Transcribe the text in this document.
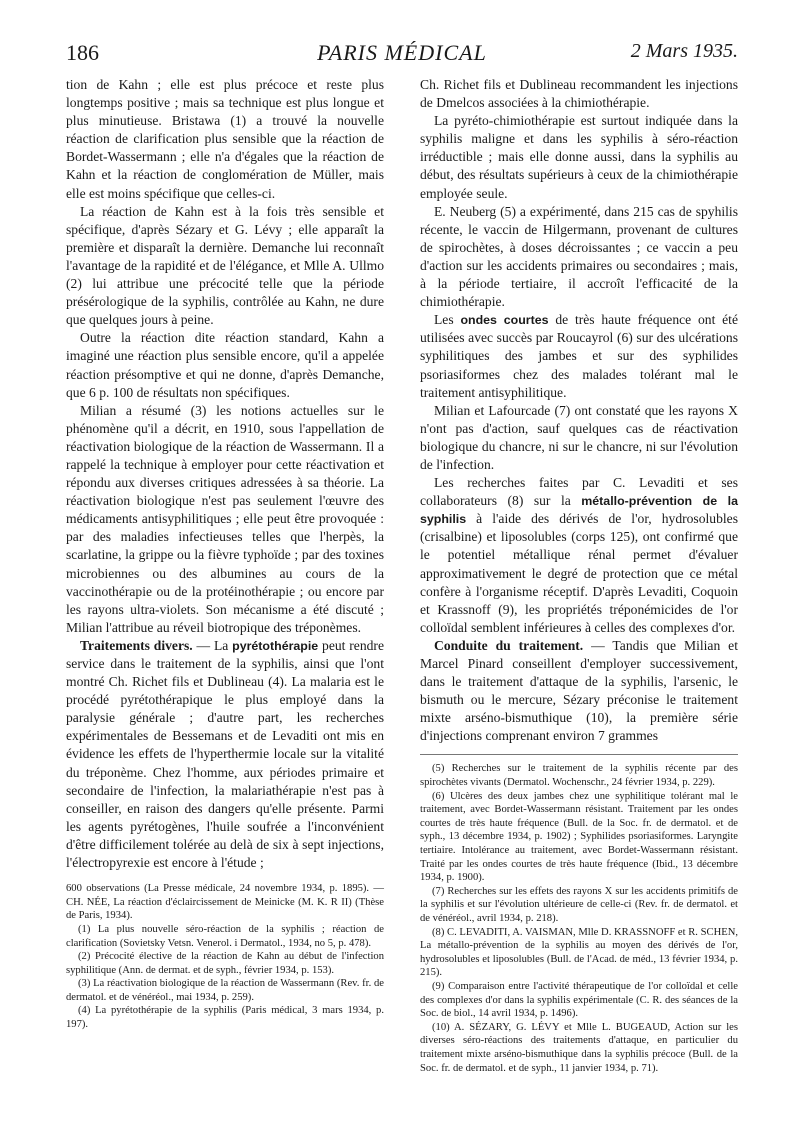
186	PARIS MÉDICAL	2 Mars 1935.

tion de Kahn ; elle est plus précoce et reste plus longtemps positive ; mais sa technique est plus longue et plus minutieuse. Bristawa (1) a trouvé la nouvelle réaction de clarification plus sensible que la réaction de Bordet-Wassermann ; elle n'a d'égales que la réaction de Kahn et la réaction de conglomération de Müller, mais elle est moins spécifique que celles-ci.

La réaction de Kahn est à la fois très sensible et spécifique, d'après Sézary et G. Lévy ; elle apparaît la première et disparaît la dernière. Demanche lui reconnaît l'avantage de la rapidité et de l'élégance, et Mlle A. Ullmo (2) lui attribue une précocité telle que la période présérologique de la syphilis, contrôlée au Kahn, ne dure que quelques jours à peine.

Outre la réaction dite réaction standard, Kahn a imaginé une réaction plus sensible encore, qu'il a appelée réaction présomptive et qui ne donne, d'après Demanche, que 6 p. 100 de résultats non spécifiques.

Milian a résumé (3) les notions actuelles sur le phénomène qu'il a décrit, en 1910, sous l'appellation de réactivation biologique de la réaction de Wassermann. Il a rappelé la technique à employer pour cette réactivation et répondu aux diverses critiques adressées à sa théorie. La réactivation biologique n'est pas seulement l'œuvre des médicaments antisyphilitiques ; elle peut être provoquée : par des maladies infectieuses telles que l'herpès, la scarlatine, la grippe ou la fièvre typhoïde ; par des toxines microbiennes ou des albumines au cours de la vaccinothérapie ou de la protéinothérapie ; ou encore par les rayons ultra-violets. Son mécanisme a été discuté ; Milian l'attribue au réveil biotropique des tréponèmes.

Traitements divers. — La pyrétothérapie peut rendre service dans le traitement de la syphilis, ainsi que l'ont montré Ch. Richet fils et Dublineau (4). La malaria est le procédé pyrétothérapique le plus employé dans la paralysie générale ; d'autre part, les recherches expérimentales de Bessemans et de Levaditi ont mis en évidence les effets de l'hyperthermie locale sur la vitalité du tréponème. Chez l'homme, aux périodes primaire et secondaire de l'infection, la malariathérapie n'est pas à conseiller, en raison des dangers qu'elle présente. Parmi les agents pyrétogènes, l'huile soufrée a l'inconvénient d'être difficilement tolérée au delà de six à sept injections, l'électropyrexie est encore à l'étude ;

600 observations (La Presse médicale, 24 novembre 1934, p. 1895). — CH. NÉE, La réaction d'éclaircissement de Meinicke (M. K. R II) (Thèse de Paris, 1934).

(1) La plus nouvelle séro-réaction de la syphilis ; réaction de clarification (Sovietsky Vetsn. Venerol. i Dermatol., 1934, no 5, p. 478).

(2) Précocité élective de la réaction de Kahn au début de l'infection syphilitique (Ann. de dermat. et de syph., février 1934, p. 153).

(3) La réactivation biologique de la réaction de Wassermann (Rev. fr. de dermatol. et de vénéréol., mai 1934, p. 259).

(4) La pyrétothérapie de la syphilis (Paris médical, 3 mars 1934, p. 197).

Ch. Richet fils et Dublineau recommandent les injections de Dmelcos associées à la chimiothérapie.

La pyréto-chimiothérapie est surtout indiquée dans la syphilis maligne et dans les syphilis à séro-réaction irréductible ; mais elle donne aussi, dans la syphilis au début, des résultats supérieurs à ceux de la chimiothérapie employée seule.

E. Neuberg (5) a expérimenté, dans 215 cas de spyhilis récente, le vaccin de Hilgermann, provenant de cultures de spirochètes, à doses décroissantes ; ce vaccin a peu d'action sur les accidents primaires ou secondaires ; mais, à la période tertiaire, il accroît l'efficacité de la chimiothérapie.

Les ondes courtes de très haute fréquence ont été utilisées avec succès par Roucayrol (6) sur des ulcérations syphilitiques des jambes et sur des syphilides psoriasiformes chez des malades tolérant mal le traitement antisyphilitique.

Milian et Lafourcade (7) ont constaté que les rayons X n'ont pas d'action, sauf quelques cas de réactivation biologique du chancre, ni sur le chancre, ni sur l'évolution de l'infection.

Les recherches faites par C. Levaditi et ses collaborateurs (8) sur la métallo-prévention de la syphilis à l'aide des dérivés de l'or, hydrosolubles (crisalbine) et liposolubles (corps 125), ont confirmé que le potentiel métallique rénal permet d'évaluer approximativement le degré de protection que ce métal confère à l'organisme réceptif. D'après Levaditi, Coquoin et Krassnoff (9), les propriétés tréponémicides de l'or colloïdal semblent inférieures à celles des complexes d'or.

Conduite du traitement. — Tandis que Milian et Marcel Pinard conseillent d'employer successivement, dans le traitement d'attaque de la syphilis, l'arsenic, le bismuth ou le mercure, Sézary préconise le traitement mixte arséno-bismuthique (10), la première série d'injections comprenant environ 7 grammes

(5) Recherches sur le traitement de la syphilis récente par des spirochètes vivants (Dermatol. Wochenschr., 24 février 1934, p. 229).

(6) Ulcères des deux jambes chez une syphilitique tolérant mal le traitement, avec Bordet-Wassermann résistant. Traitement par les ondes courtes de très haute fréquence (Bull. de la Soc. fr. de dermatol. et de syph., 13 décembre 1934, p. 1902) ; Syphilides psoriasiformes. Laryngite tertiaire. Intolérance au traitement, avec Bordet-Wassermann résistant. Traité par les ondes courtes de très haute fréquence (Ibid., 13 décembre 1934, p. 1900).

(7) Recherches sur les effets des rayons X sur les accidents primitifs de la syphilis et sur l'évolution ultérieure de celle-ci (Rev. fr. de dermatol. et de vénéréol., avril 1934, p. 218).

(8) C. LEVADITI, A. VAISMAN, Mlle D. KRASSNOFF et R. SCHEN, La métallo-prévention de la syphilis au moyen des dérivés de l'or, hydrosolubles et liposolubles (Bull. de l'Acad. de méd., 13 février 1934, p. 215).

(9) Comparaison entre l'activité thérapeutique de l'or colloïdal et celle des complexes d'or dans la syphilis expérimentale (C. R. des séances de la Soc. de biol., 14 avril 1934, p. 1496).

(10) A. SÉZARY, G. LÉVY et Mlle L. BUGEAUD, Action sur les diverses séro-réactions des traitements d'attaque, en particulier du traitement mixte arséno-bismuthique dans la syphilis précoce (Bull. de la Soc. fr. de dermatol. et de syph., 11 janvier 1934, p. 71).
